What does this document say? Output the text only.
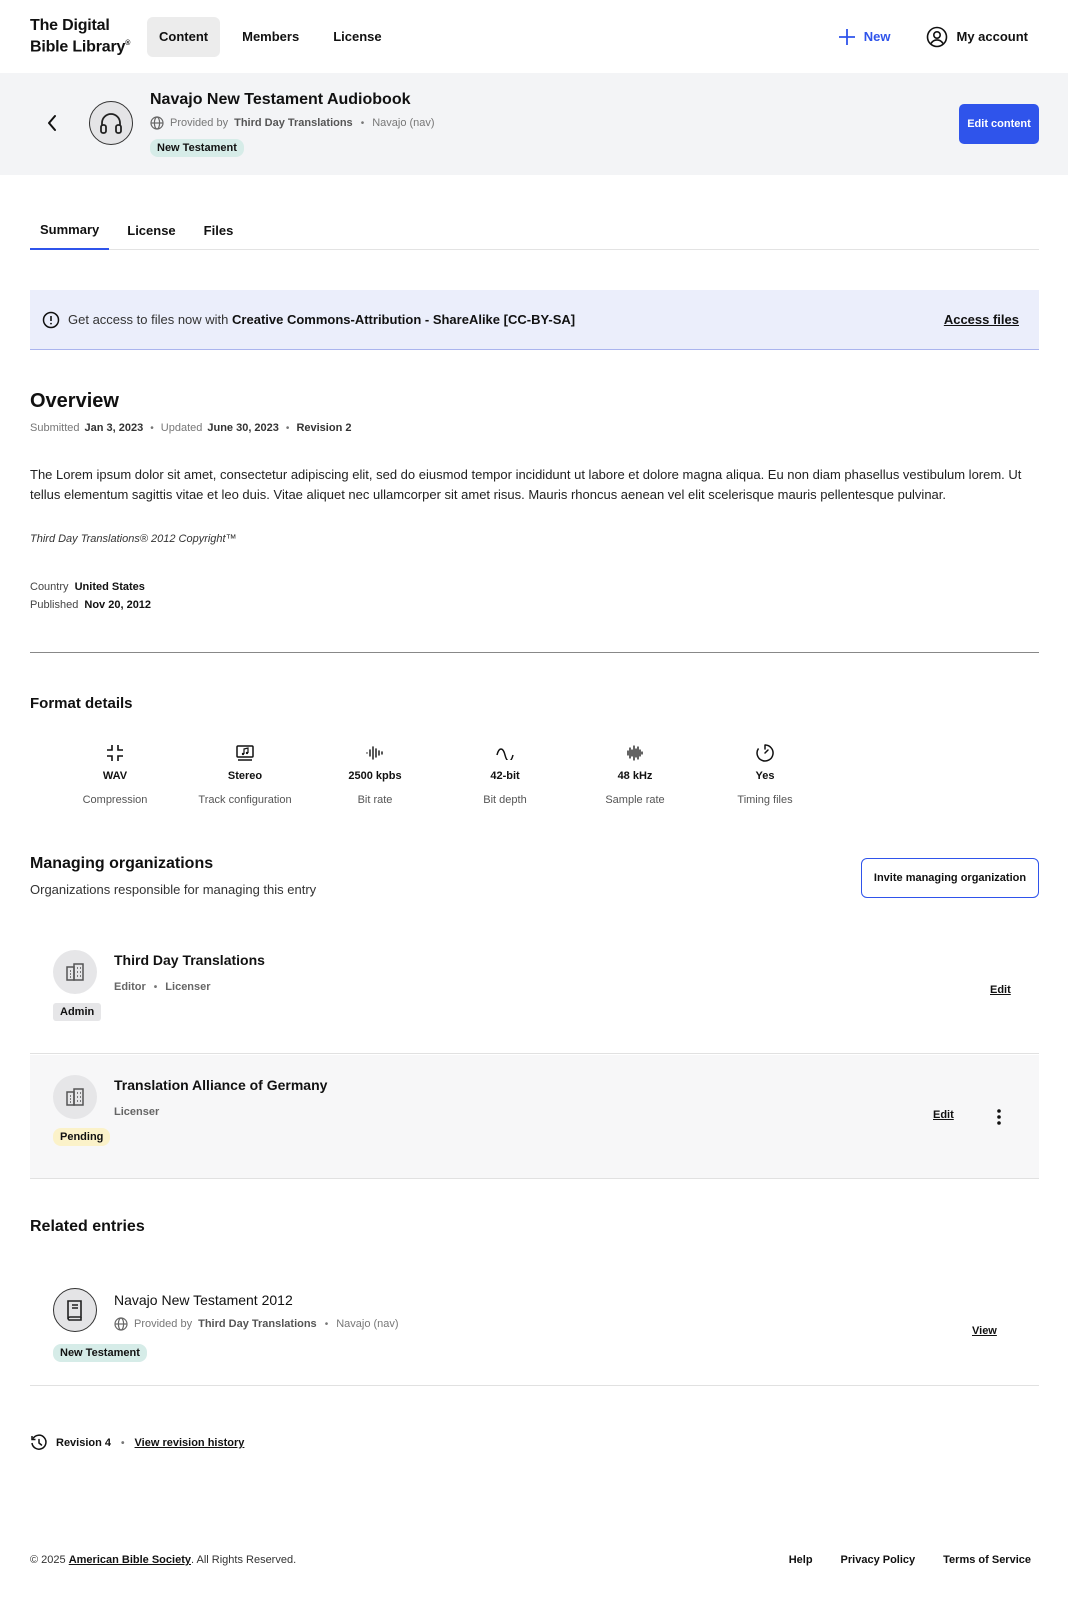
The Digital
Bible Library®	Content	Members	License	New	My account
Navajo New Testament Audiobook
Provided by Third Day Translations • Navajo (nav)
New Testament
Edit content
Summary	License	Files
Get access to files now with
Creative Commons-Attribution - ShareAlike [CC-BY-SA]	Access files
Overview
Submitted Jan 3, 2023 • Updated June 30, 2023 • Revision 2
The Lorem ipsum dolor sit amet, consectetur adipiscing elit, sed do eiusmod tempor incididunt ut labore et dolore magna aliqua. Eu non diam phasellus vestibulum lorem. Ut tellus elementum sagittis vitae et leo duis. Vitae aliquet nec ullamcorper sit amet risus. Mauris rhoncus aenean vel elit scelerisque mauris pellentesque pulvinar.
Third Day Translations® 2012 Copyright™
Country United States
Published Nov 20, 2012
Format details
WAV
Compression
Stereo
Track configuration
2500 kpbs
Bit rate
42-bit
Bit depth
48 kHz
Sample rate
Yes
Timing files
Managing organizations
Organizations responsible for managing this entry
Invite managing organization
Third Day Translations
Editor • Licenser
Admin
Edit
Translation Alliance of Germany
Licenser
Pending
Edit
Related entries
Navajo New Testament 2012
Provided by Third Day Translations • Navajo (nav)
New Testament
View
Revision 4 • View revision history
© 2025
American Bible Society . All Rights Reserved.	Help	Privacy Policy	Terms of Service
